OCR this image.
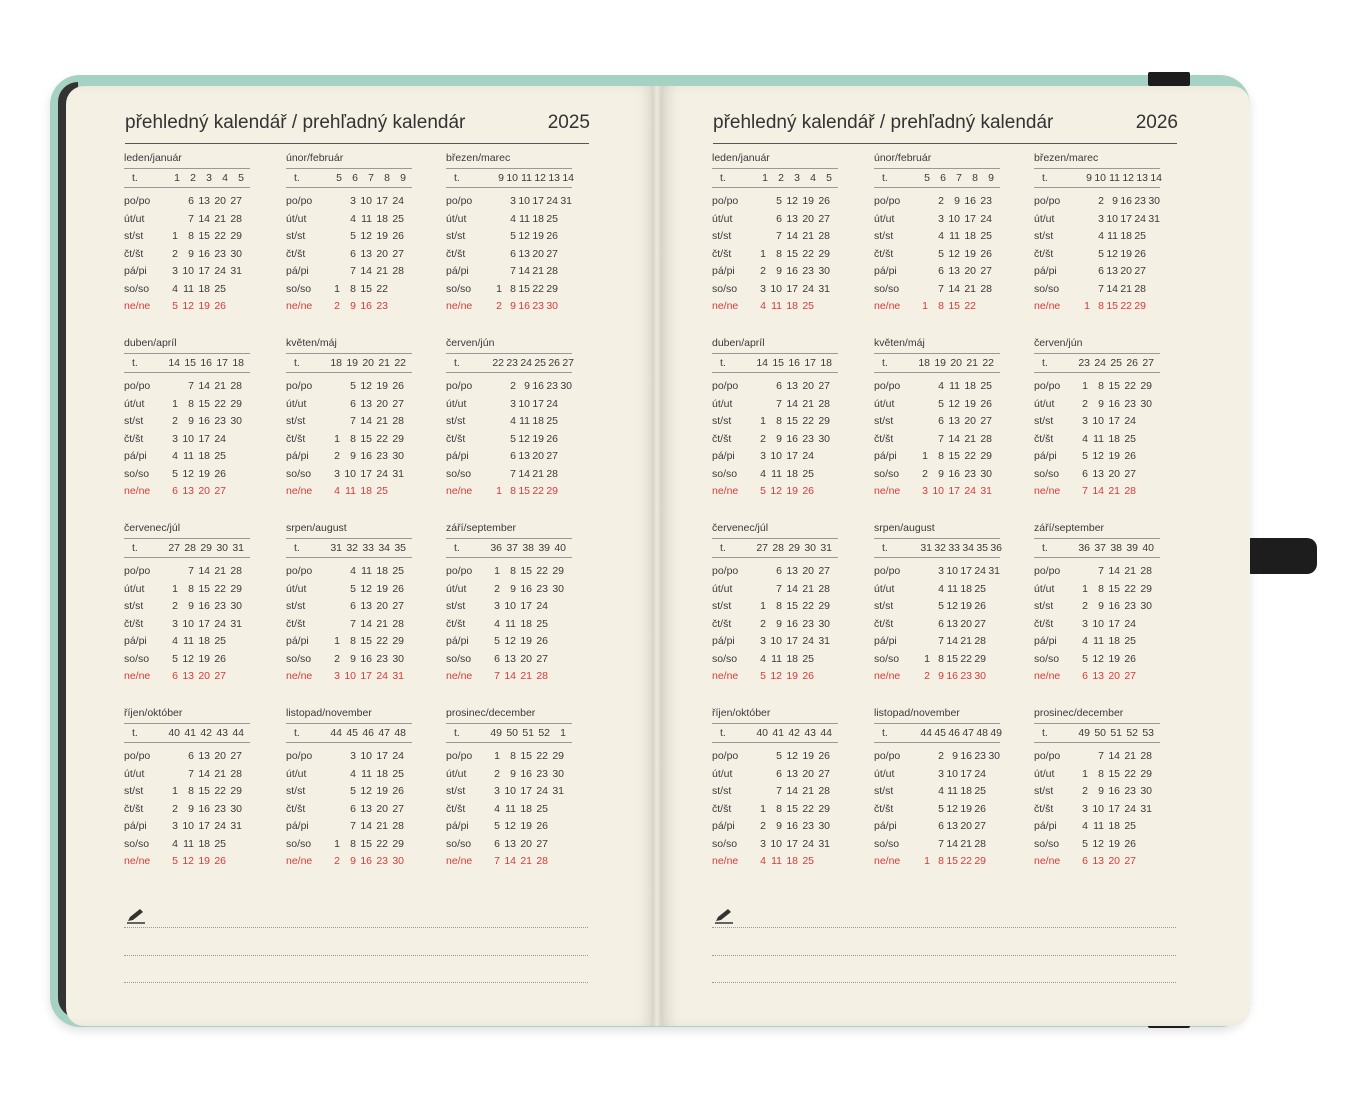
přehledný kalendář / prehľadný kalendár	2025	přehledný kalendář / prehľadný kalendár	2026
leden/január
t.	1 2 3 4 5
po/po	6 13 20 27
út/ut	7 14 21 28
st/st	1 8 15 22 29
čt/št	2 9 16 23 30
pá/pi	3 10 17 24 31
so/so	4 11 18 25
ne/ne	5 12 19 26
únor/február
t.	5 6 7 8 9
po/po	3 10 17 24
út/ut	4 11 18 25
st/st	5 12 19 26
čt/št	6 13 20 27
pá/pi	7 14 21 28
so/so	1 8 15 22
ne/ne	2 9 16 23
březen/marec
t.	9 10 11 12 13 14
po/po	3 10 17 24 31
út/ut	4 11 18 25
st/st	5 12 19 26
čt/št	6 13 20 27
pá/pi	7 14 21 28
so/so	1 8 15 22 29
ne/ne	2 9 16 23 30
duben/apríl
t.	14 15 16 17 18
po/po	7 14 21 28
út/ut	1 8 15 22 29
st/st	2 9 16 23 30
čt/št	3 10 17 24
pá/pi	4 11 18 25
so/so	5 12 19 26
ne/ne	6 13 20 27
květen/máj
t.	18 19 20 21 22
po/po	5 12 19 26
út/ut	6 13 20 27
st/st	7 14 21 28
čt/št	1 8 15 22 29
pá/pi	2 9 16 23 30
so/so	3 10 17 24 31
ne/ne	4 11 18 25
červen/jún
t.	22 23 24 25 26 27
po/po	2 9 16 23 30
út/ut	3 10 17 24
st/st	4 11 18 25
čt/št	5 12 19 26
pá/pi	6 13 20 27
so/so	7 14 21 28
ne/ne	1 8 15 22 29
červenec/júl
t.	27 28 29 30 31
po/po	7 14 21 28
út/ut	1 8 15 22 29
st/st	2 9 16 23 30
čt/št	3 10 17 24 31
pá/pi	4 11 18 25
so/so	5 12 19 26
ne/ne	6 13 20 27
srpen/august
t.	31 32 33 34 35
po/po	4 11 18 25
út/ut	5 12 19 26
st/st	6 13 20 27
čt/št	7 14 21 28
pá/pi	1 8 15 22 29
so/so	2 9 16 23 30
ne/ne	3 10 17 24 31
září/september
t.	36 37 38 39 40
po/po	1 8 15 22 29
út/ut	2 9 16 23 30
st/st	3 10 17 24
čt/št	4 11 18 25
pá/pi	5 12 19 26
so/so	6 13 20 27
ne/ne	7 14 21 28
říjen/október
t.	40 41 42 43 44
po/po	6 13 20 27
út/ut	7 14 21 28
st/st	1 8 15 22 29
čt/št	2 9 16 23 30
pá/pi	3 10 17 24 31
so/so	4 11 18 25
ne/ne	5 12 19 26
listopad/november
t.	44 45 46 47 48
po/po	3 10 17 24
út/ut	4 11 18 25
st/st	5 12 19 26
čt/št	6 13 20 27
pá/pi	7 14 21 28
so/so	1 8 15 22 29
ne/ne	2 9 16 23 30
prosinec/december
t.	49 50 51 52 1
po/po	1 8 15 22 29
út/ut	2 9 16 23 30
st/st	3 10 17 24 31
čt/št	4 11 18 25
pá/pi	5 12 19 26
so/so	6 13 20 27
ne/ne	7 14 21 28
leden/január
t.	1 2 3 4 5
po/po	5 12 19 26
út/ut	6 13 20 27
st/st	7 14 21 28
čt/št	1 8 15 22 29
pá/pi	2 9 16 23 30
so/so	3 10 17 24 31
ne/ne	4 11 18 25
únor/február
t.	5 6 7 8 9
po/po	2 9 16 23
út/ut	3 10 17 24
st/st	4 11 18 25
čt/št	5 12 19 26
pá/pi	6 13 20 27
so/so	7 14 21 28
ne/ne	1 8 15 22
březen/marec
t.	9 10 11 12 13 14
po/po	2 9 16 23 30
út/ut	3 10 17 24 31
st/st	4 11 18 25
čt/št	5 12 19 26
pá/pi	6 13 20 27
so/so	7 14 21 28
ne/ne	1 8 15 22 29
duben/apríl
t.	14 15 16 17 18
po/po	6 13 20 27
út/ut	7 14 21 28
st/st	1 8 15 22 29
čt/št	2 9 16 23 30
pá/pi	3 10 17 24
so/so	4 11 18 25
ne/ne	5 12 19 26
květen/máj
t.	18 19 20 21 22
po/po	4 11 18 25
út/ut	5 12 19 26
st/st	6 13 20 27
čt/št	7 14 21 28
pá/pi	1 8 15 22 29
so/so	2 9 16 23 30
ne/ne	3 10 17 24 31
červen/jún
t.	23 24 25 26 27
po/po	1 8 15 22 29
út/ut	2 9 16 23 30
st/st	3 10 17 24
čt/št	4 11 18 25
pá/pi	5 12 19 26
so/so	6 13 20 27
ne/ne	7 14 21 28
červenec/júl
t.	27 28 29 30 31
po/po	6 13 20 27
út/ut	7 14 21 28
st/st	1 8 15 22 29
čt/št	2 9 16 23 30
pá/pi	3 10 17 24 31
so/so	4 11 18 25
ne/ne	5 12 19 26
srpen/august
t.	31 32 33 34 35 36
po/po	3 10 17 24 31
út/ut	4 11 18 25
st/st	5 12 19 26
čt/št	6 13 20 27
pá/pi	7 14 21 28
so/so	1 8 15 22 29
ne/ne	2 9 16 23 30
září/september
t.	36 37 38 39 40
po/po	7 14 21 28
út/ut	1 8 15 22 29
st/st	2 9 16 23 30
čt/št	3 10 17 24
pá/pi	4 11 18 25
so/so	5 12 19 26
ne/ne	6 13 20 27
říjen/október
t.	40 41 42 43 44
po/po	5 12 19 26
út/ut	6 13 20 27
st/st	7 14 21 28
čt/št	1 8 15 22 29
pá/pi	2 9 16 23 30
so/so	3 10 17 24 31
ne/ne	4 11 18 25
listopad/november
t.	44 45 46 47 48 49
po/po	2 9 16 23 30
út/ut	3 10 17 24
st/st	4 11 18 25
čt/št	5 12 19 26
pá/pi	6 13 20 27
so/so	7 14 21 28
ne/ne	1 8 15 22 29
prosinec/december
t.	49 50 51 52 53
po/po	7 14 21 28
út/ut	1 8 15 22 29
st/st	2 9 16 23 30
čt/št	3 10 17 24 31
pá/pi	4 11 18 25
so/so	5 12 19 26
ne/ne	6 13 20 27
